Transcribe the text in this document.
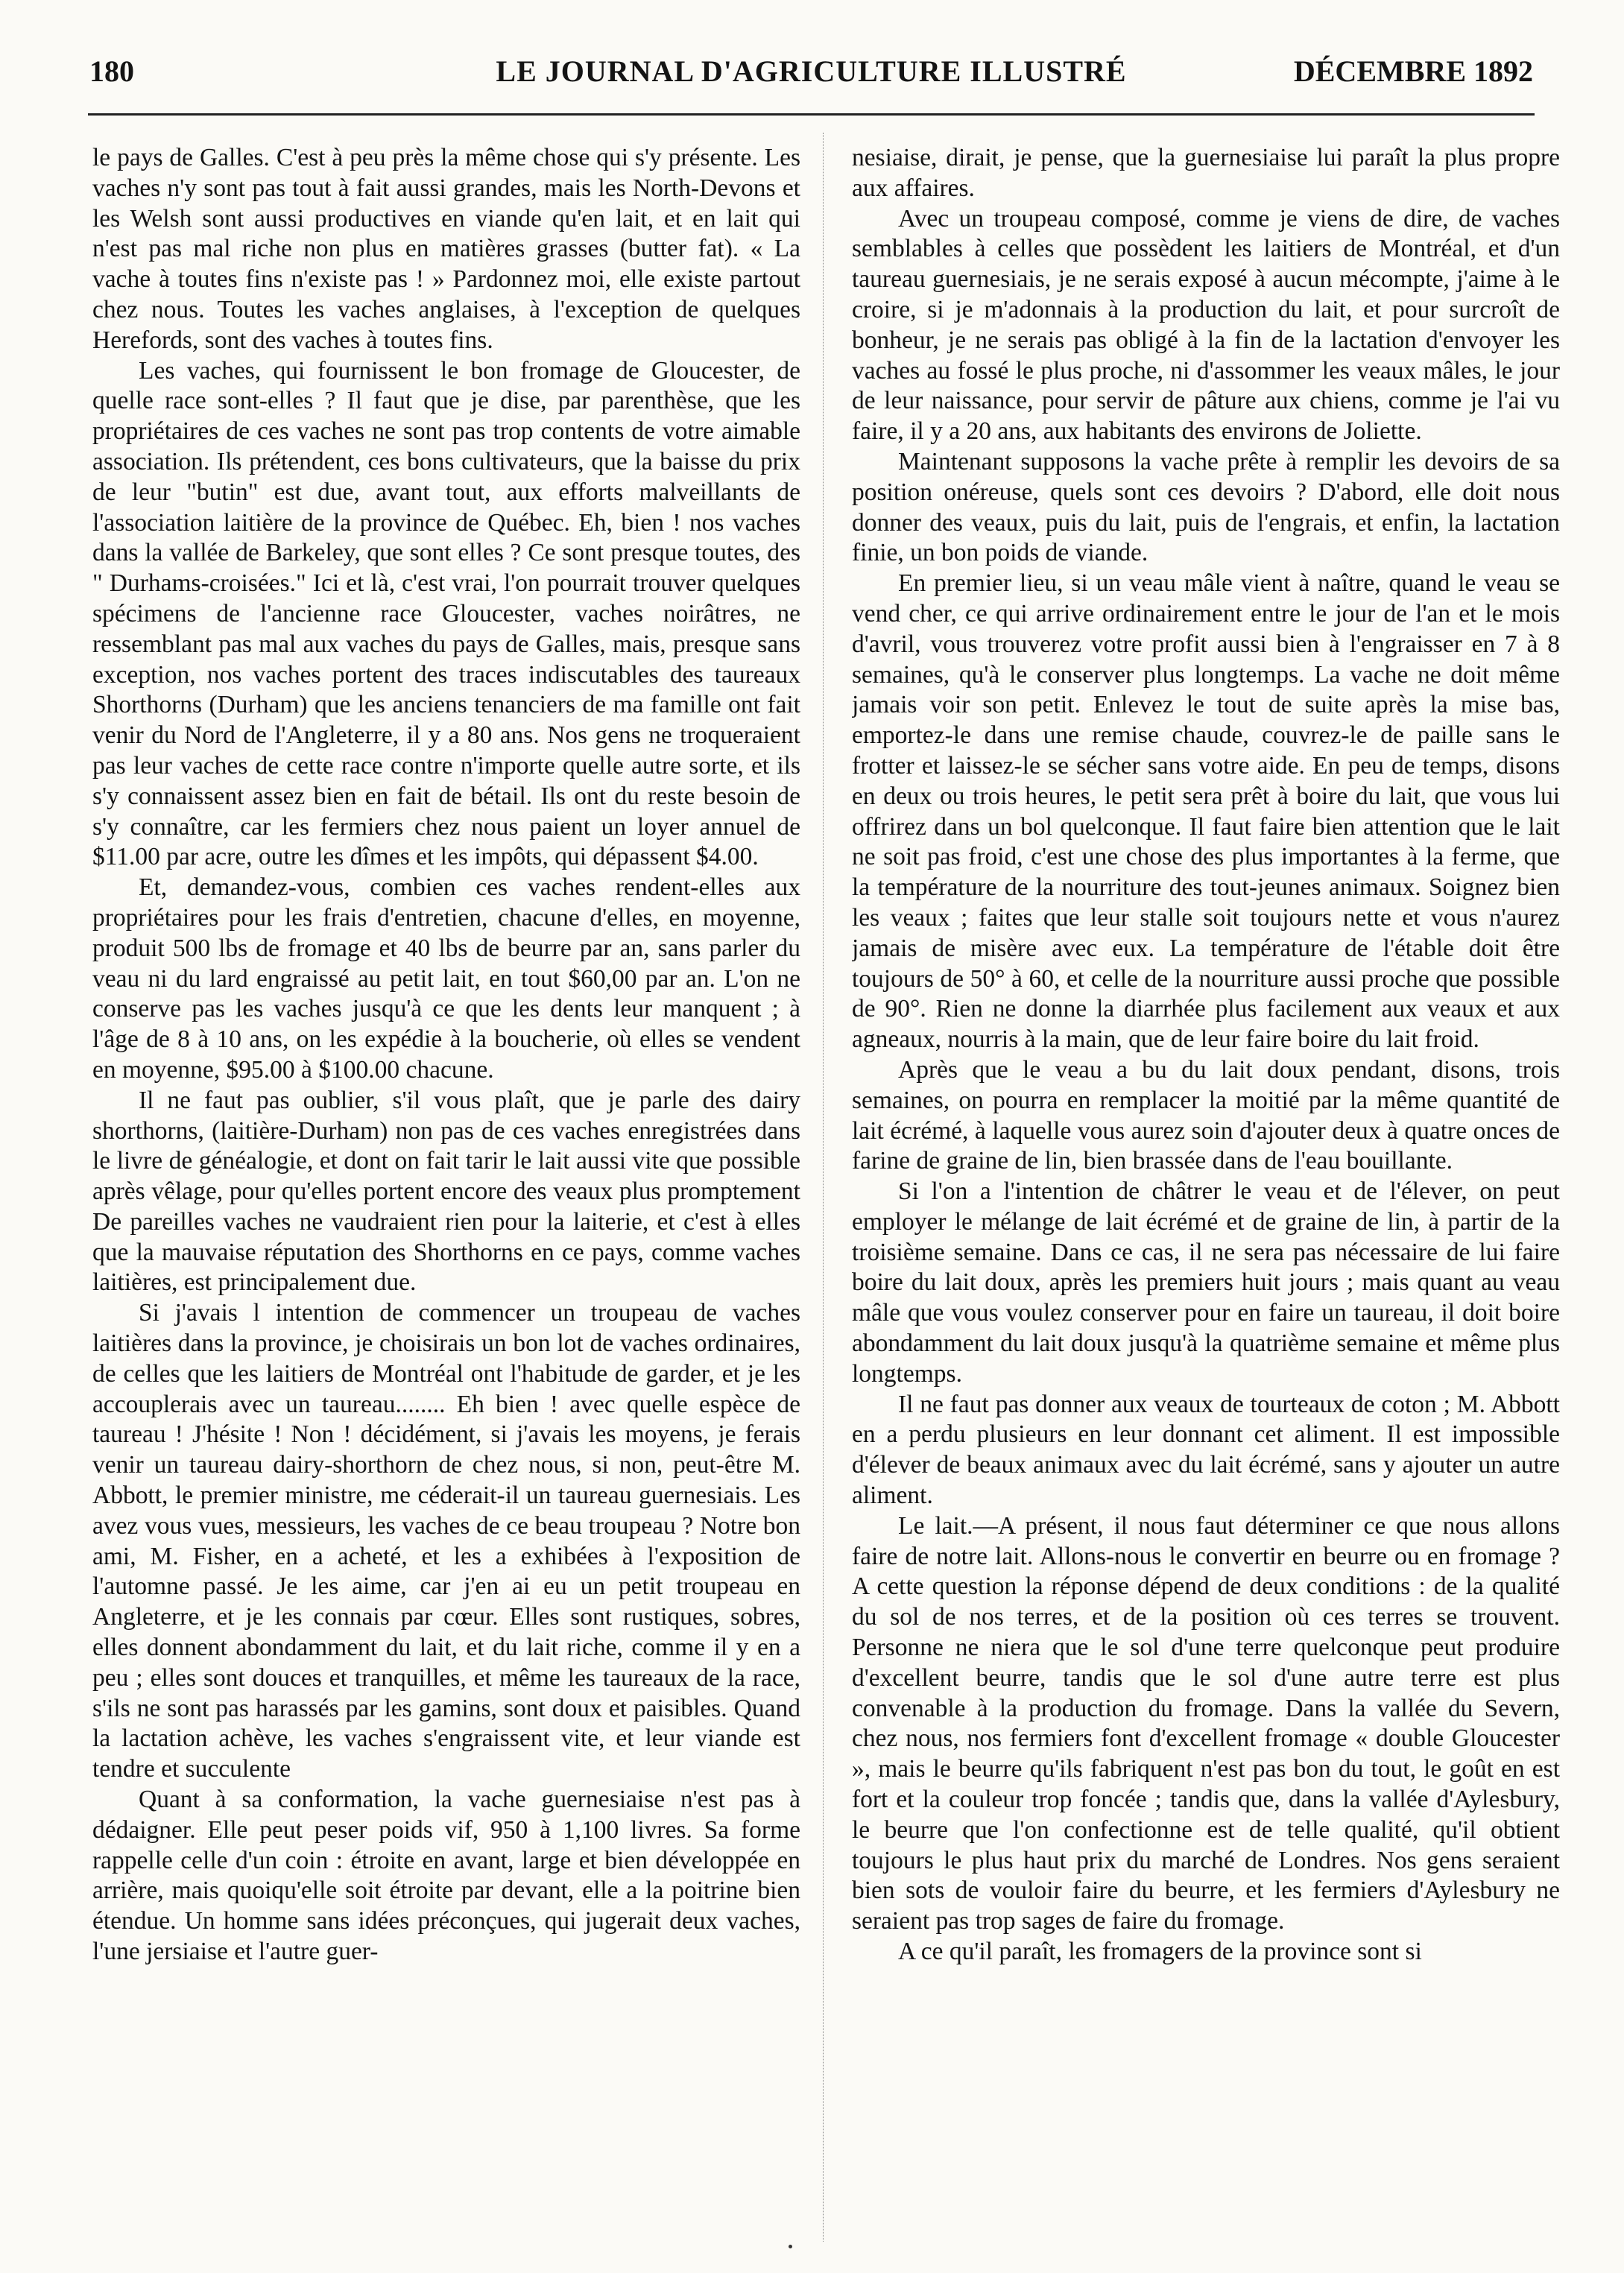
180	LE JOURNAL D'AGRICULTURE ILLUSTRÉ	DÉCEMBRE 1892

le pays de Galles. C'est à peu près la même chose qui s'y présente. Les vaches n'y sont pas tout à fait aussi grandes, mais les North-Devons et les Welsh sont aussi productives en viande qu'en lait, et en lait qui n'est pas mal riche non plus en matières grasses (butter fat). « La vache à toutes fins n'existe pas ! » Pardonnez moi, elle existe partout chez nous. Toutes les vaches anglaises, à l'exception de quelques Herefords, sont des vaches à toutes fins.

Les vaches, qui fournissent le bon fromage de Gloucester, de quelle race sont-elles ? Il faut que je dise, par parenthèse, que les propriétaires de ces vaches ne sont pas trop contents de votre aimable association. Ils prétendent, ces bons cultivateurs, que la baisse du prix de leur "butin" est due, avant tout, aux efforts malveillants de l'association laitière de la province de Québec. Eh, bien ! nos vaches dans la vallée de Barkeley, que sont elles ? Ce sont presque toutes, des " Durhams-croisées." Ici et là, c'est vrai, l'on pourrait trouver quelques spécimens de l'ancienne race Gloucester, vaches noirâtres, ne ressemblant pas mal aux vaches du pays de Galles, mais, presque sans exception, nos vaches portent des traces indiscutables des taureaux Shorthorns (Durham) que les anciens tenanciers de ma famille ont fait venir du Nord de l'Angleterre, il y a 80 ans. Nos gens ne troqueraient pas leur vaches de cette race contre n'importe quelle autre sorte, et ils s'y connaissent assez bien en fait de bétail. Ils ont du reste besoin de s'y connaître, car les fermiers chez nous paient un loyer annuel de $11.00 par acre, outre les dîmes et les impôts, qui dépassent $4.00.

Et, demandez-vous, combien ces vaches rendent-elles aux propriétaires pour les frais d'entretien, chacune d'elles, en moyenne, produit 500 lbs de fromage et 40 lbs de beurre par an, sans parler du veau ni du lard engraissé au petit lait, en tout $60,00 par an. L'on ne conserve pas les vaches jusqu'à ce que les dents leur manquent ; à l'âge de 8 à 10 ans, on les expédie à la boucherie, où elles se vendent en moyenne, $95.00 à $100.00 chacune.

Il ne faut pas oublier, s'il vous plaît, que je parle des dairy shorthorns, (laitière-Durham) non pas de ces vaches enregistrées dans le livre de généalogie, et dont on fait tarir le lait aussi vite que possible après vêlage, pour qu'elles portent encore des veaux plus promptement De pareilles vaches ne vaudraient rien pour la laiterie, et c'est à elles que la mauvaise réputation des Shorthorns en ce pays, comme vaches laitières, est principalement due.

Si j'avais l intention de commencer un troupeau de vaches laitières dans la province, je choisirais un bon lot de vaches ordinaires, de celles que les laitiers de Montréal ont l'habitude de garder, et je les accouplerais avec un taureau........ Eh bien ! avec quelle espèce de taureau ! J'hésite ! Non ! décidément, si j'avais les moyens, je ferais venir un taureau dairy-shorthorn de chez nous, si non, peut-être M. Abbott, le premier ministre, me céderait-il un taureau guernesiais. Les avez vous vues, messieurs, les vaches de ce beau troupeau ? Notre bon ami, M. Fisher, en a acheté, et les a exhibées à l'exposition de l'automne passé. Je les aime, car j'en ai eu un petit troupeau en Angleterre, et je les connais par cœur. Elles sont rustiques, sobres, elles donnent abondamment du lait, et du lait riche, comme il y en a peu ; elles sont douces et tranquilles, et même les taureaux de la race, s'ils ne sont pas harassés par les gamins, sont doux et paisibles. Quand la lactation achève, les vaches s'engraissent vite, et leur viande est tendre et succulente

Quant à sa conformation, la vache guernesiaise n'est pas à dédaigner. Elle peut peser poids vif, 950 à 1,100 livres. Sa forme rappelle celle d'un coin : étroite en avant, large et bien développée en arrière, mais quoiqu'elle soit étroite par devant, elle a la poitrine bien étendue. Un homme sans idées préconçues, qui jugerait deux vaches, l'une jersiaise et l'autre guer-

nesiaise, dirait, je pense, que la guernesiaise lui paraît la plus propre aux affaires.

Avec un troupeau composé, comme je viens de dire, de vaches semblables à celles que possèdent les laitiers de Montréal, et d'un taureau guernesiais, je ne serais exposé à aucun mécompte, j'aime à le croire, si je m'adonnais à la production du lait, et pour surcroît de bonheur, je ne serais pas obligé à la fin de la lactation d'envoyer les vaches au fossé le plus proche, ni d'assommer les veaux mâles, le jour de leur naissance, pour servir de pâture aux chiens, comme je l'ai vu faire, il y a 20 ans, aux habitants des environs de Joliette.

Maintenant supposons la vache prête à remplir les devoirs de sa position onéreuse, quels sont ces devoirs ? D'abord, elle doit nous donner des veaux, puis du lait, puis de l'engrais, et enfin, la lactation finie, un bon poids de viande.

En premier lieu, si un veau mâle vient à naître, quand le veau se vend cher, ce qui arrive ordinairement entre le jour de l'an et le mois d'avril, vous trouverez votre profit aussi bien à l'engraisser en 7 à 8 semaines, qu'à le conserver plus longtemps. La vache ne doit même jamais voir son petit. Enlevez le tout de suite après la mise bas, emportez-le dans une remise chaude, couvrez-le de paille sans le frotter et laissez-le se sécher sans votre aide. En peu de temps, disons en deux ou trois heures, le petit sera prêt à boire du lait, que vous lui offrirez dans un bol quelconque. Il faut faire bien attention que le lait ne soit pas froid, c'est une chose des plus importantes à la ferme, que la température de la nourriture des tout-jeunes animaux. Soignez bien les veaux ; faites que leur stalle soit toujours nette et vous n'aurez jamais de misère avec eux. La température de l'étable doit être toujours de 50° à 60, et celle de la nourriture aussi proche que possible de 90°. Rien ne donne la diarrhée plus facilement aux veaux et aux agneaux, nourris à la main, que de leur faire boire du lait froid.

Après que le veau a bu du lait doux pendant, disons, trois semaines, on pourra en remplacer la moitié par la même quantité de lait écrémé, à laquelle vous aurez soin d'ajouter deux à quatre onces de farine de graine de lin, bien brassée dans de l'eau bouillante.

Si l'on a l'intention de châtrer le veau et de l'élever, on peut employer le mélange de lait écrémé et de graine de lin, à partir de la troisième semaine. Dans ce cas, il ne sera pas nécessaire de lui faire boire du lait doux, après les premiers huit jours ; mais quant au veau mâle que vous voulez conserver pour en faire un taureau, il doit boire abondamment du lait doux jusqu'à la quatrième semaine et même plus longtemps.

Il ne faut pas donner aux veaux de tourteaux de coton ; M. Abbott en a perdu plusieurs en leur donnant cet aliment. Il est impossible d'élever de beaux animaux avec du lait écrémé, sans y ajouter un autre aliment.

Le lait.—A présent, il nous faut déterminer ce que nous allons faire de notre lait. Allons-nous le convertir en beurre ou en fromage ? A cette question la réponse dépend de deux conditions : de la qualité du sol de nos terres, et de la position où ces terres se trouvent. Personne ne niera que le sol d'une terre quelconque peut produire d'excellent beurre, tandis que le sol d'une autre terre est plus convenable à la production du fromage. Dans la vallée du Severn, chez nous, nos fermiers font d'excellent fromage « double Gloucester », mais le beurre qu'ils fabriquent n'est pas bon du tout, le goût en est fort et la couleur trop foncée ; tandis que, dans la vallée d'Aylesbury, le beurre que l'on confectionne est de telle qualité, qu'il obtient toujours le plus haut prix du marché de Londres. Nos gens seraient bien sots de vouloir faire du beurre, et les fermiers d'Aylesbury ne seraient pas trop sages de faire du fromage.

A ce qu'il paraît, les fromagers de la province sont si
